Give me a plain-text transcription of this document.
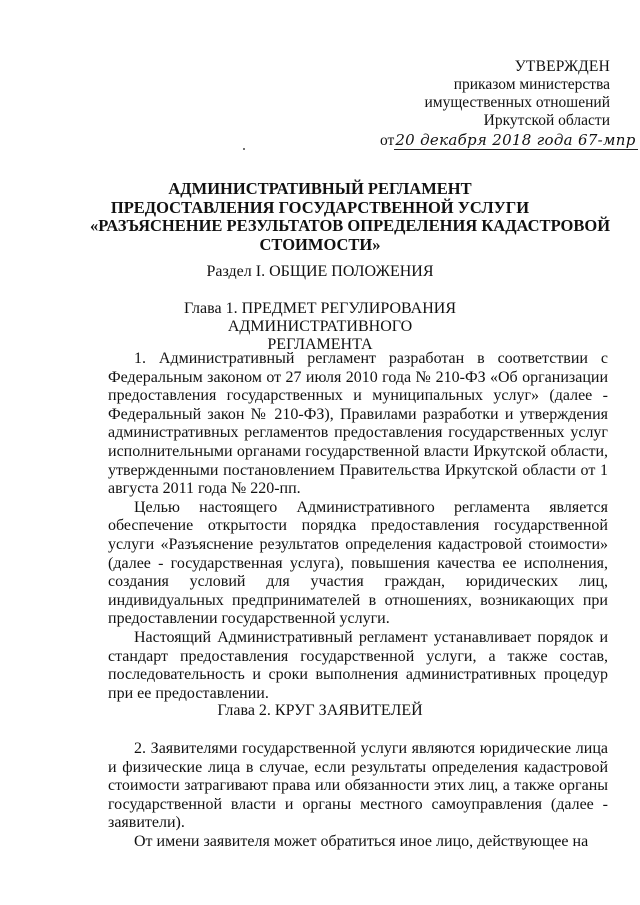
УТВЕРЖДЕН
приказом министерства
имущественных отношений
Иркутской области
от20 декабря 2018 года 67-мпр
АДМИНИСТРАТИВНЫЙ РЕГЛАМЕНТ
ПРЕДОСТАВЛЕНИЯ ГОСУДАРСТВЕННОЙ УСЛУГИ
«РАЗЪЯСНЕНИЕ РЕЗУЛЬТАТОВ ОПРЕДЕЛЕНИЯ КАДАСТРОВОЙ
СТОИМОСТИ»
Раздел I. ОБЩИЕ ПОЛОЖЕНИЯ
Глава 1. ПРЕДМЕТ РЕГУЛИРОВАНИЯ АДМИНИСТРАТИВНОГО
РЕГЛАМЕНТА

1. Административный регламент разработан в соответствии с Федеральным законом от 27 июля 2010 года № 210-ФЗ «Об организации предоставления государственных и муниципальных услуг» (далее - Федеральный закон № 210-ФЗ), Правилами разработки и утверждения административных регламентов предоставления государственных услуг исполнительными органами государственной власти Иркутской области, утвержденными постановлением Правительства Иркутской области от 1 августа 2011 года № 220-пп.

Целью настоящего Административного регламента является обеспечение открытости порядка предоставления государственной услуги «Разъяснение результатов определения кадастровой стоимости» (далее - государственная услуга), повышения качества ее исполнения, создания условий для участия граждан, юридических лиц, индивидуальных предпринимателей в отношениях, возникающих при предоставлении государственной услуги.

Настоящий Административный регламент устанавливает порядок и стандарт предоставления государственной услуги, а также состав, последовательность и сроки выполнения административных процедур при ее предоставлении.

Глава 2. КРУГ ЗАЯВИТЕЛЕЙ

2. Заявителями государственной услуги являются юридические лица и физические лица в случае, если результаты определения кадастровой стоимости затрагивают права или обязанности этих лиц, а также органы государственной власти и органы местного самоуправления (далее - заявители).

От имени заявителя может обратиться иное лицо, действующее на
